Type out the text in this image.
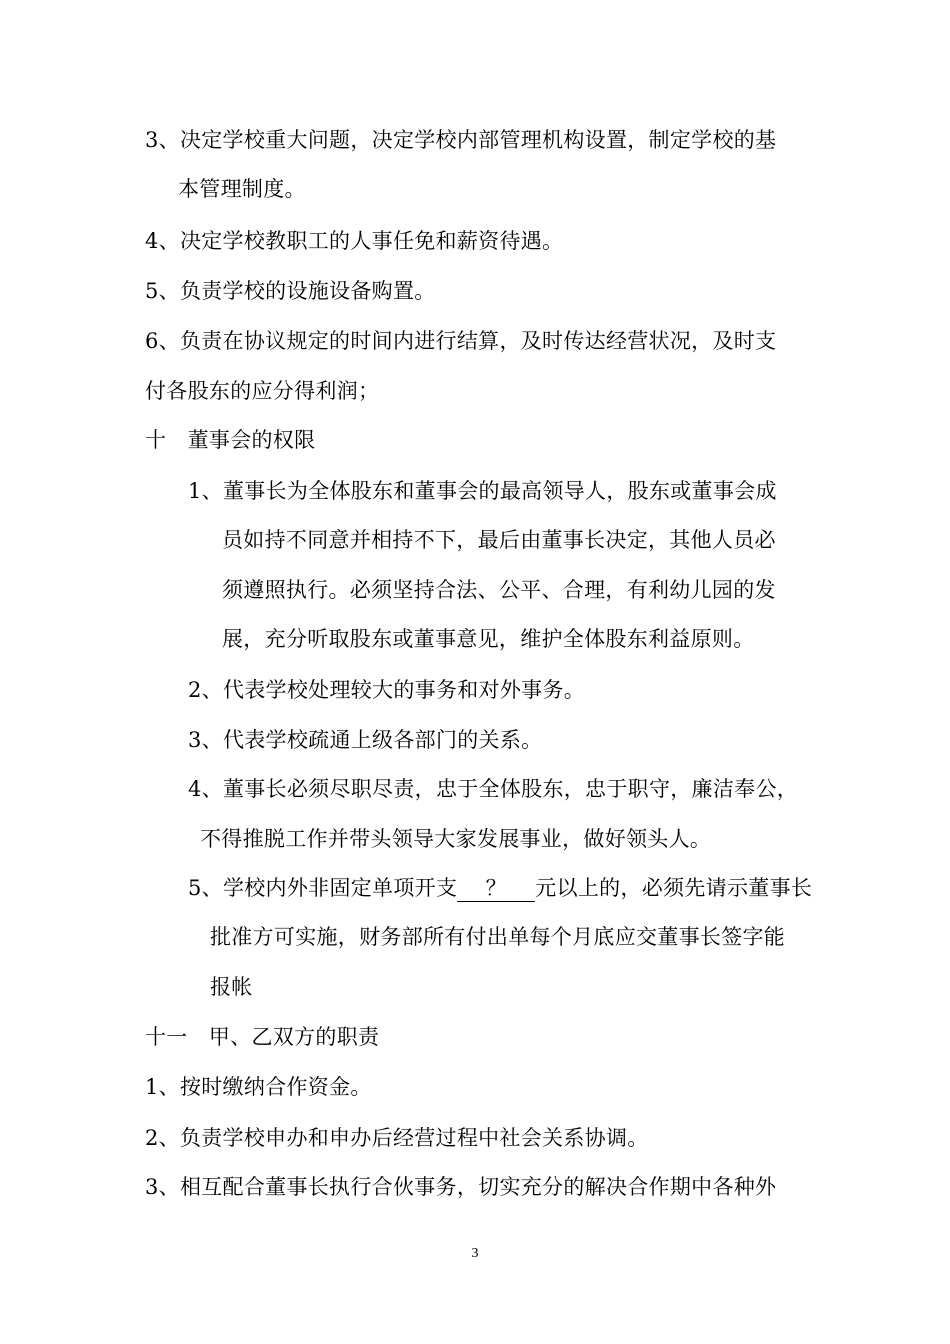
3、决定学校重大问题，决定学校内部管理机构设置，制定学校的基
本管理制度。
4、决定学校教职工的人事任免和薪资待遇。
5、负责学校的设施设备购置。
6、负责在协议规定的时间内进行结算，及时传达经营状况，及时支
付各股东的应分得利润；
十　董事会的权限
1、董事长为全体股东和董事会的最高领导人，股东或董事会成
员如持不同意并相持不下，最后由董事长决定，其他人员必
须遵照执行。必须坚持合法、公平、合理，有利幼儿园的发
展，充分听取股东或董事意见，维护全体股东利益原则。
2、代表学校处理较大的事务和对外事务。
3、代表学校疏通上级各部门的关系。
4、董事长必须尽职尽责，忠于全体股东，忠于职守，廉洁奉公，
不得推脱工作并带头领导大家发展事业，做好领头人。
5、学校内外非固定单项开支 ？ 元以上的，必须先请示董事长
批准方可实施，财务部所有付出单每个月底应交董事长签字能
报帐
十一　甲、乙双方的职责
1、按时缴纳合作资金。
2、负责学校申办和申办后经营过程中社会关系协调。
3、相互配合董事长执行合伙事务，切实充分的解决合作期中各种外
3
